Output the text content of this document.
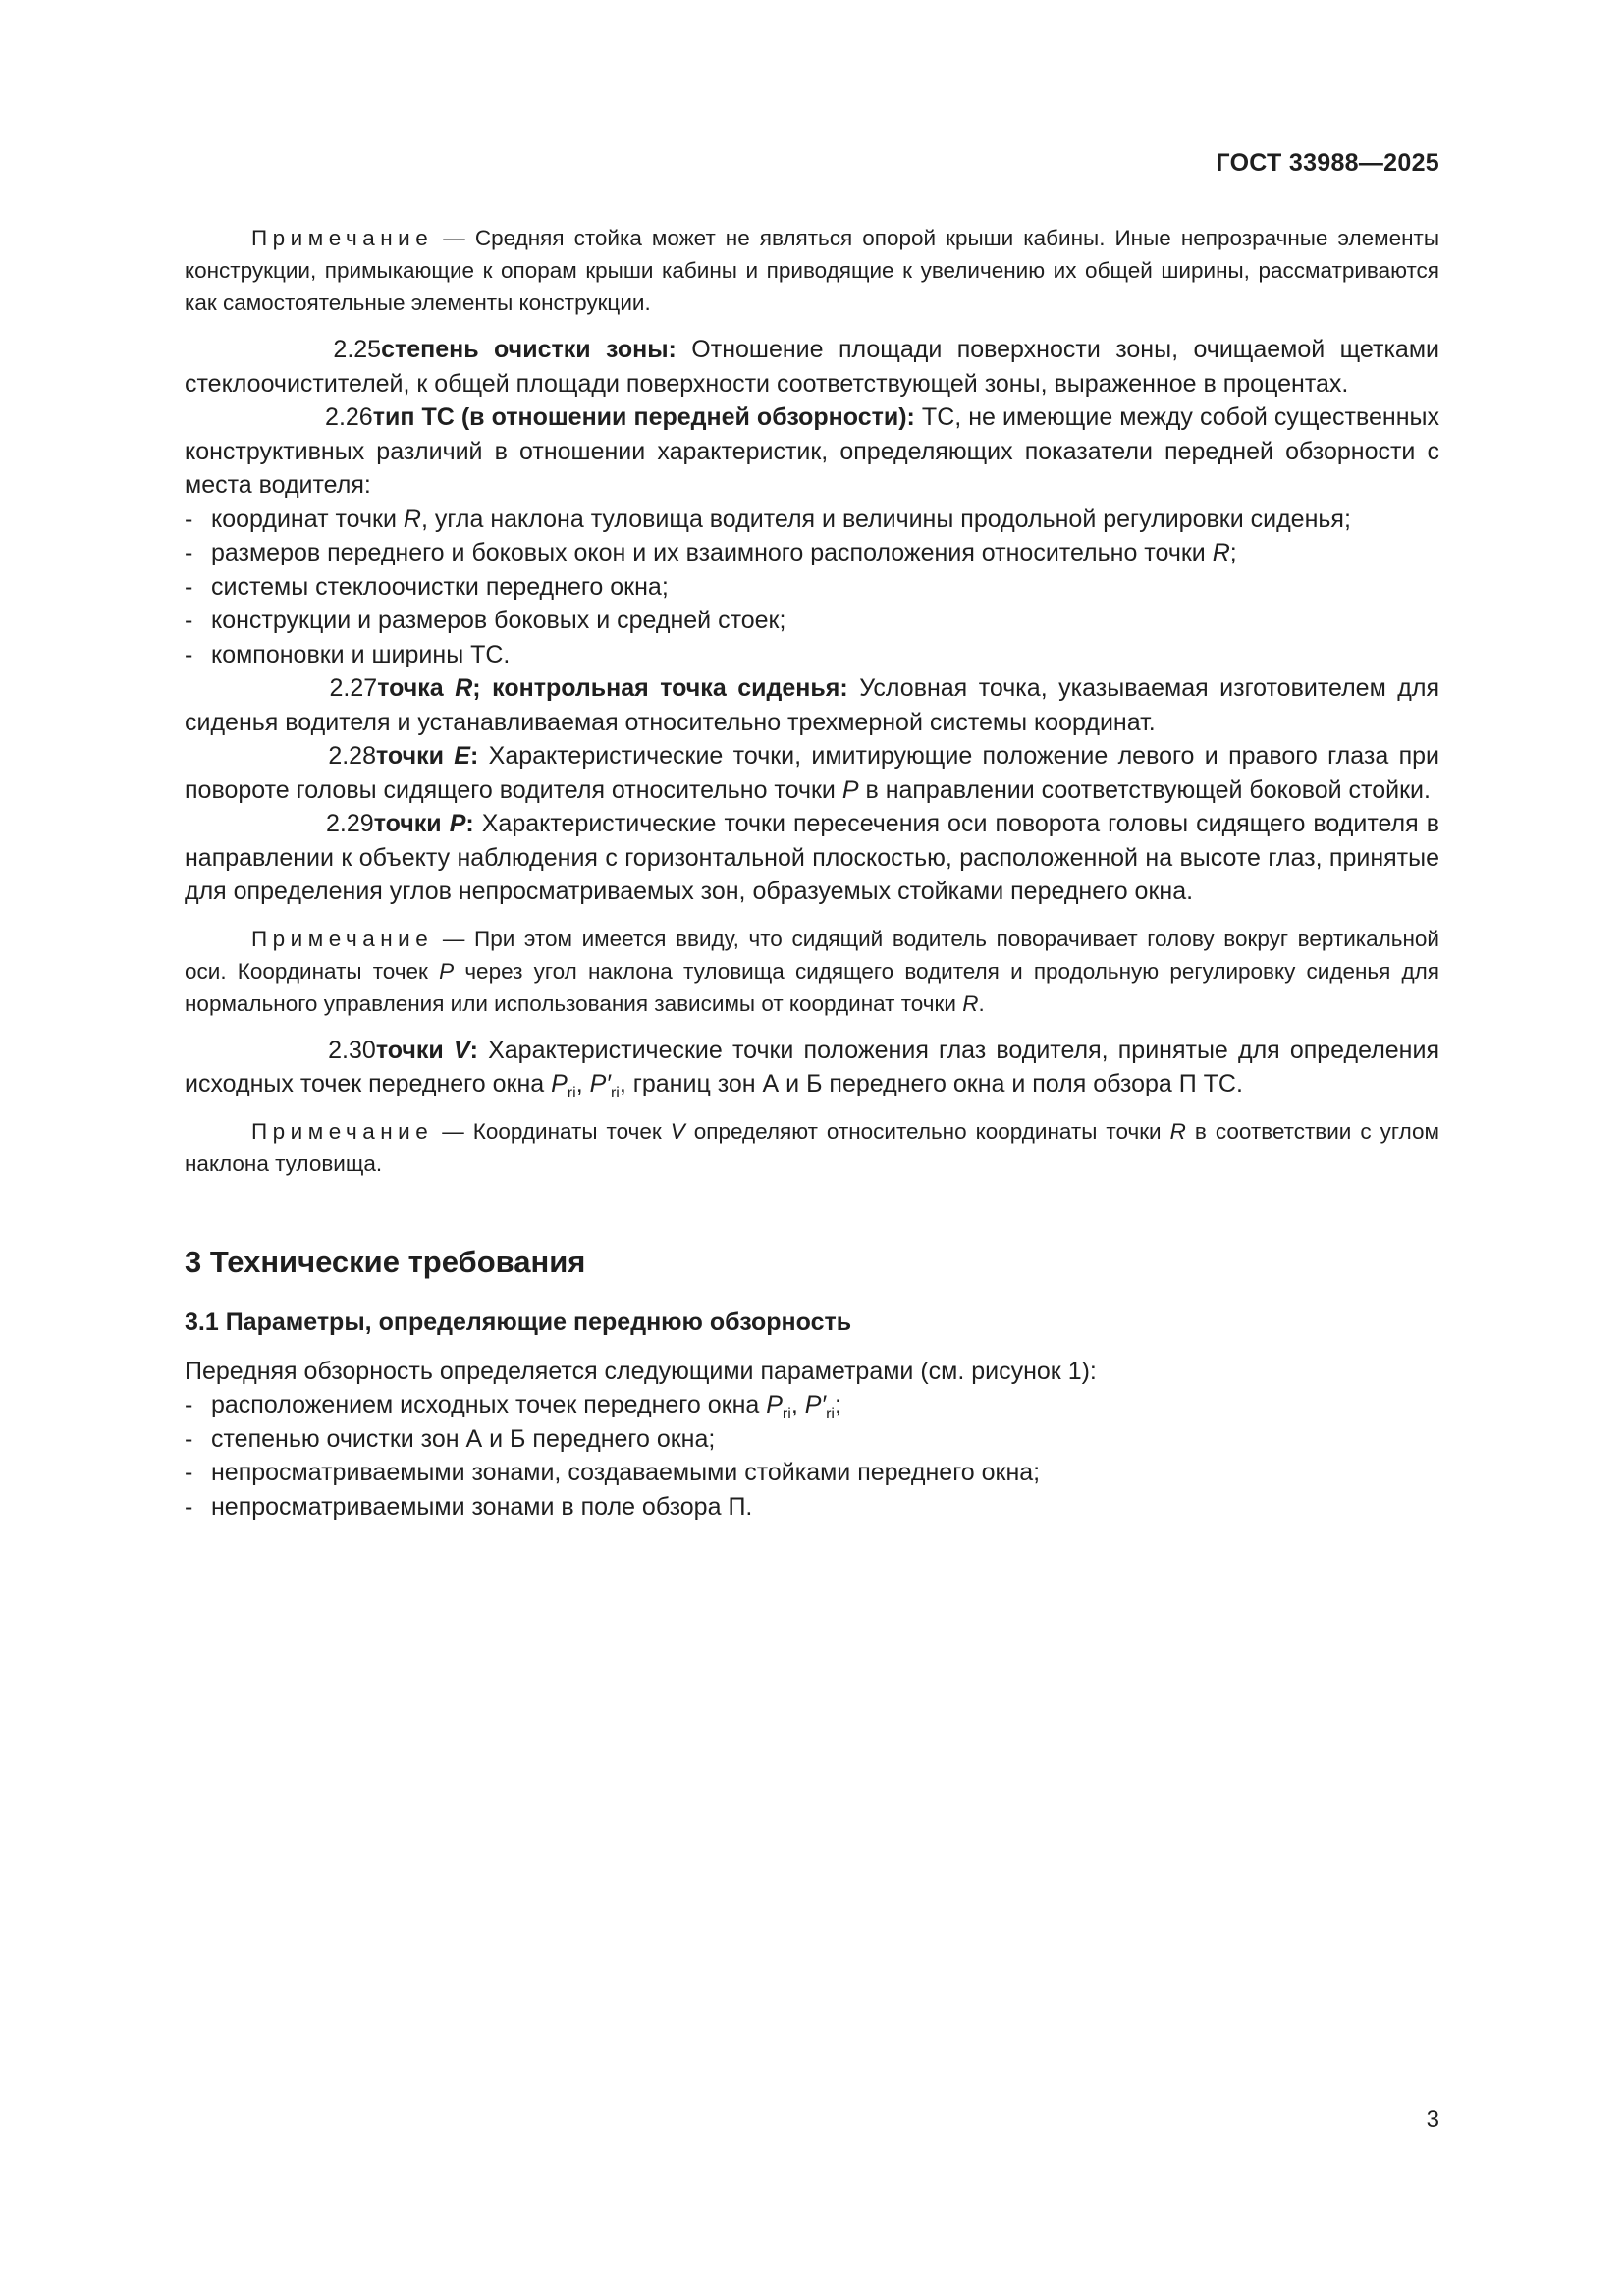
ГОСТ 33988—2025

Примечание — Средняя стойка может не являться опорой крыши кабины. Иные непрозрачные элементы конструкции, примыкающие к опорам крыши кабины и приводящие к увеличению их общей ширины, рассматриваются как самостоятельные элементы конструкции.

2.25степень очистки зоны: Отношение площади поверхности зоны, очищаемой щетками стеклоочистителей, к общей площади поверхности соответствующей зоны, выраженное в процентах.

2.26тип ТС (в отношении передней обзорности): ТС, не имеющие между собой существенных конструктивных различий в отношении характеристик, определяющих показатели передней обзорности с места водителя:

- координат точки R, угла наклона туловища водителя и величины продольной регулировки сиденья;
- размеров переднего и боковых окон и их взаимного расположения относительно точки R;
- системы стеклоочистки переднего окна;
- конструкции и размеров боковых и средней стоек;
- компоновки и ширины ТС.

2.27точка R; контрольная точка сиденья: Условная точка, указываемая изготовителем для сиденья водителя и устанавливаемая относительно трехмерной системы координат.

2.28точки E: Характеристические точки, имитирующие положение левого и правого глаза при повороте головы сидящего водителя относительно точки P в направлении соответствующей боковой стойки.

2.29точки P: Характеристические точки пересечения оси поворота головы сидящего водителя в направлении к объекту наблюдения с горизонтальной плоскостью, расположенной на высоте глаз, принятые для определения углов непросматриваемых зон, образуемых стойками переднего окна.

Примечание — При этом имеется ввиду, что сидящий водитель поворачивает голову вокруг вертикальной оси. Координаты точек P через угол наклона туловища сидящего водителя и продольную регулировку сиденья для нормального управления или использования зависимы от координат точки R.

2.30точки V: Характеристические точки положения глаз водителя, принятые для определения исходных точек переднего окна $P_{ri}$, $P'_{ri}$, границ зон А и Б переднего окна и поля обзора П ТС.

Примечание — Координаты точек V определяют относительно координаты точки R в соответствии с углом наклона туловища.

3 Технические требования
3.1 Параметры, определяющие переднюю обзорность

Передняя обзорность определяется следующими параметрами (см. рисунок 1):

- расположением исходных точек переднего окна $P_{ri}$, $P'_{ri}$;
- степенью очистки зон А и Б переднего окна;
- непросматриваемыми зонами, создаваемыми стойками переднего окна;
- непросматриваемыми зонами в поле обзора П.
3
